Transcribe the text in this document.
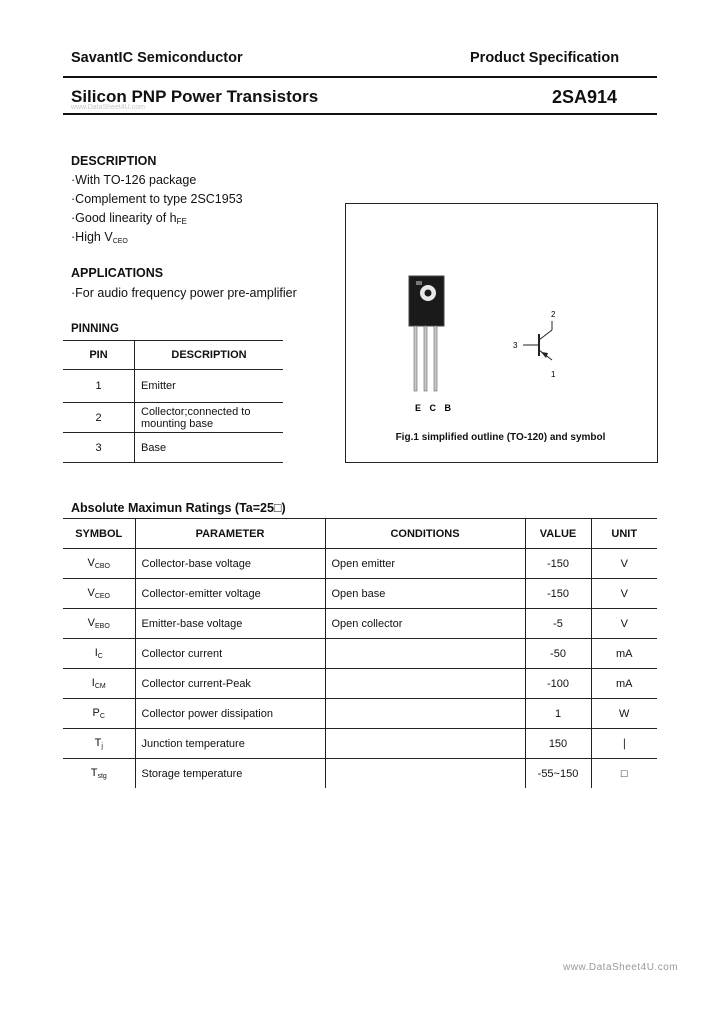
SavantIC Semiconductor	Product Specification
Silicon PNP Power Transistors	2SA914
www.DataSheet4U.com
DESCRIPTION
·With TO-126 package
·Complement to type 2SC1953
·Good linearity of $h_{FE}$
·High $V_{CEO}$
APPLICATIONS
·For audio frequency power pre-amplifier
PINNING
PIN	DESCRIPTION
1	Emitter
2	Collector;connected to mounting base
3	Base
E C B
2
3
1
Fig.1 simplified outline (TO-120) and symbol
Absolute Maximun Ratings (Ta=25□)
SYMBOL	PARAMETER	CONDITIONS	VALUE	UNIT
$V_{CBO}$	Collector-base voltage	Open emitter	-150	V
$V_{CEO}$	Collector-emitter voltage	Open base	-150	V
$V_{EBO}$	Emitter-base voltage	Open collector	-5	V
$I_C$	Collector current		-50	mA
$I_{CM}$	Collector current-Peak		-100	mA
$P_C$	Collector power dissipation		1	W
$T_j$	Junction temperature		150	∣
$T_{stg}$	Storage temperature		-55~150	□
www.DataSheet4U.com
